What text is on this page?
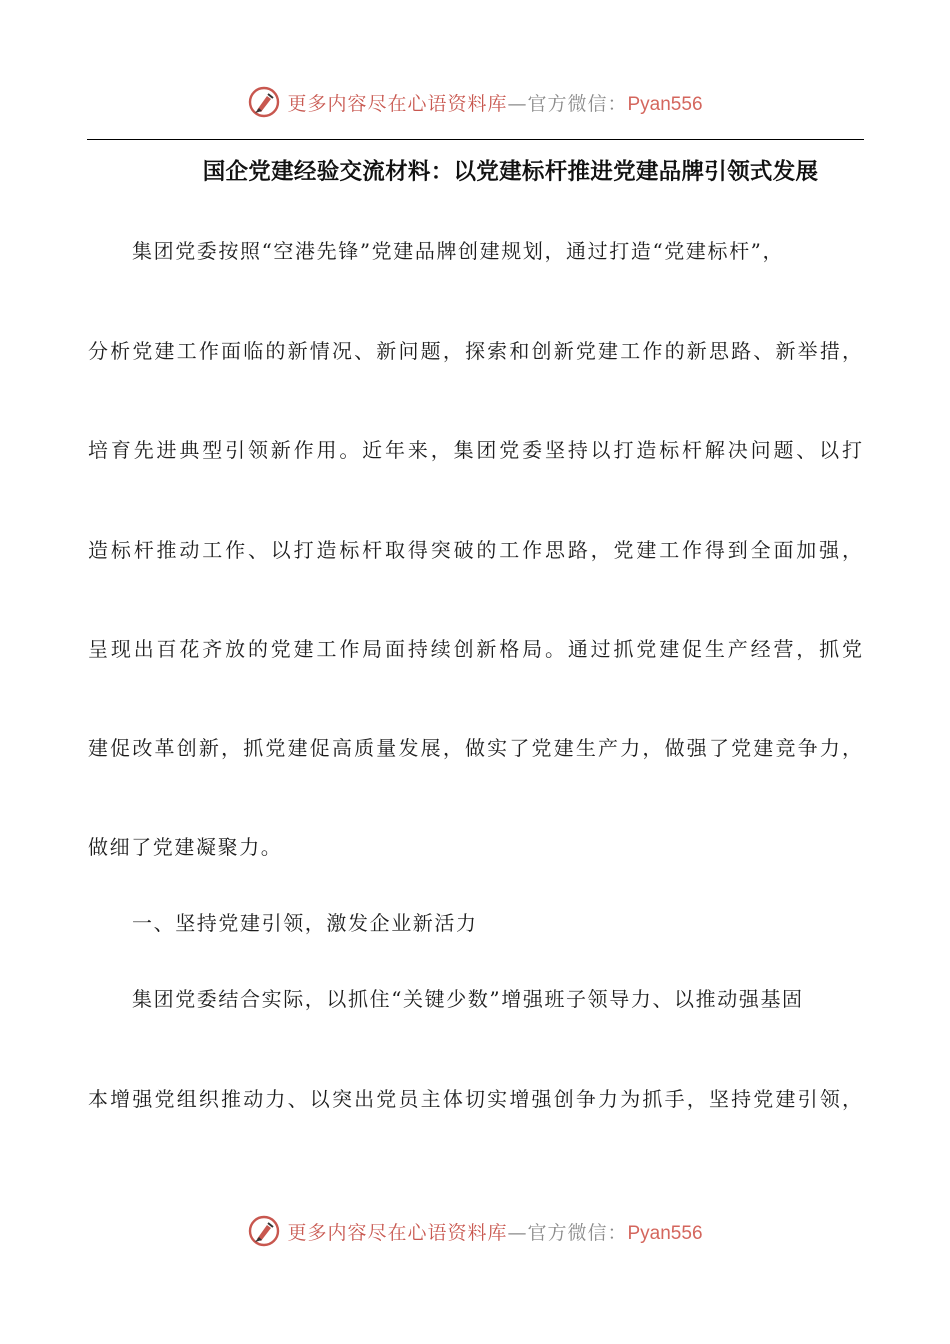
更多内容尽在心语资料库—官方微信：Pyan556
国企党建经验交流材料：以党建标杆推进党建品牌引领式发展
集团党委按照“空港先锋”党建品牌创建规划，通过打造“党建标杆”，
分析党建工作面临的新情况、新问题，探索和创新党建工作的新思路、新举措，
培育先进典型引领新作用。近年来，集团党委坚持以打造标杆解决问题、以打
造标杆推动工作、以打造标杆取得突破的工作思路，党建工作得到全面加强，
呈现出百花齐放的党建工作局面持续创新格局。通过抓党建促生产经营，抓党
建促改革创新，抓党建促高质量发展，做实了党建生产力，做强了党建竞争力，
做细了党建凝聚力。
一、坚持党建引领，激发企业新活力
集团党委结合实际，以抓住“关键少数”增强班子领导力、以推动强基固
本增强党组织推动力、以突出党员主体切实增强创争力为抓手，坚持党建引领，
更多内容尽在心语资料库—官方微信：Pyan556
